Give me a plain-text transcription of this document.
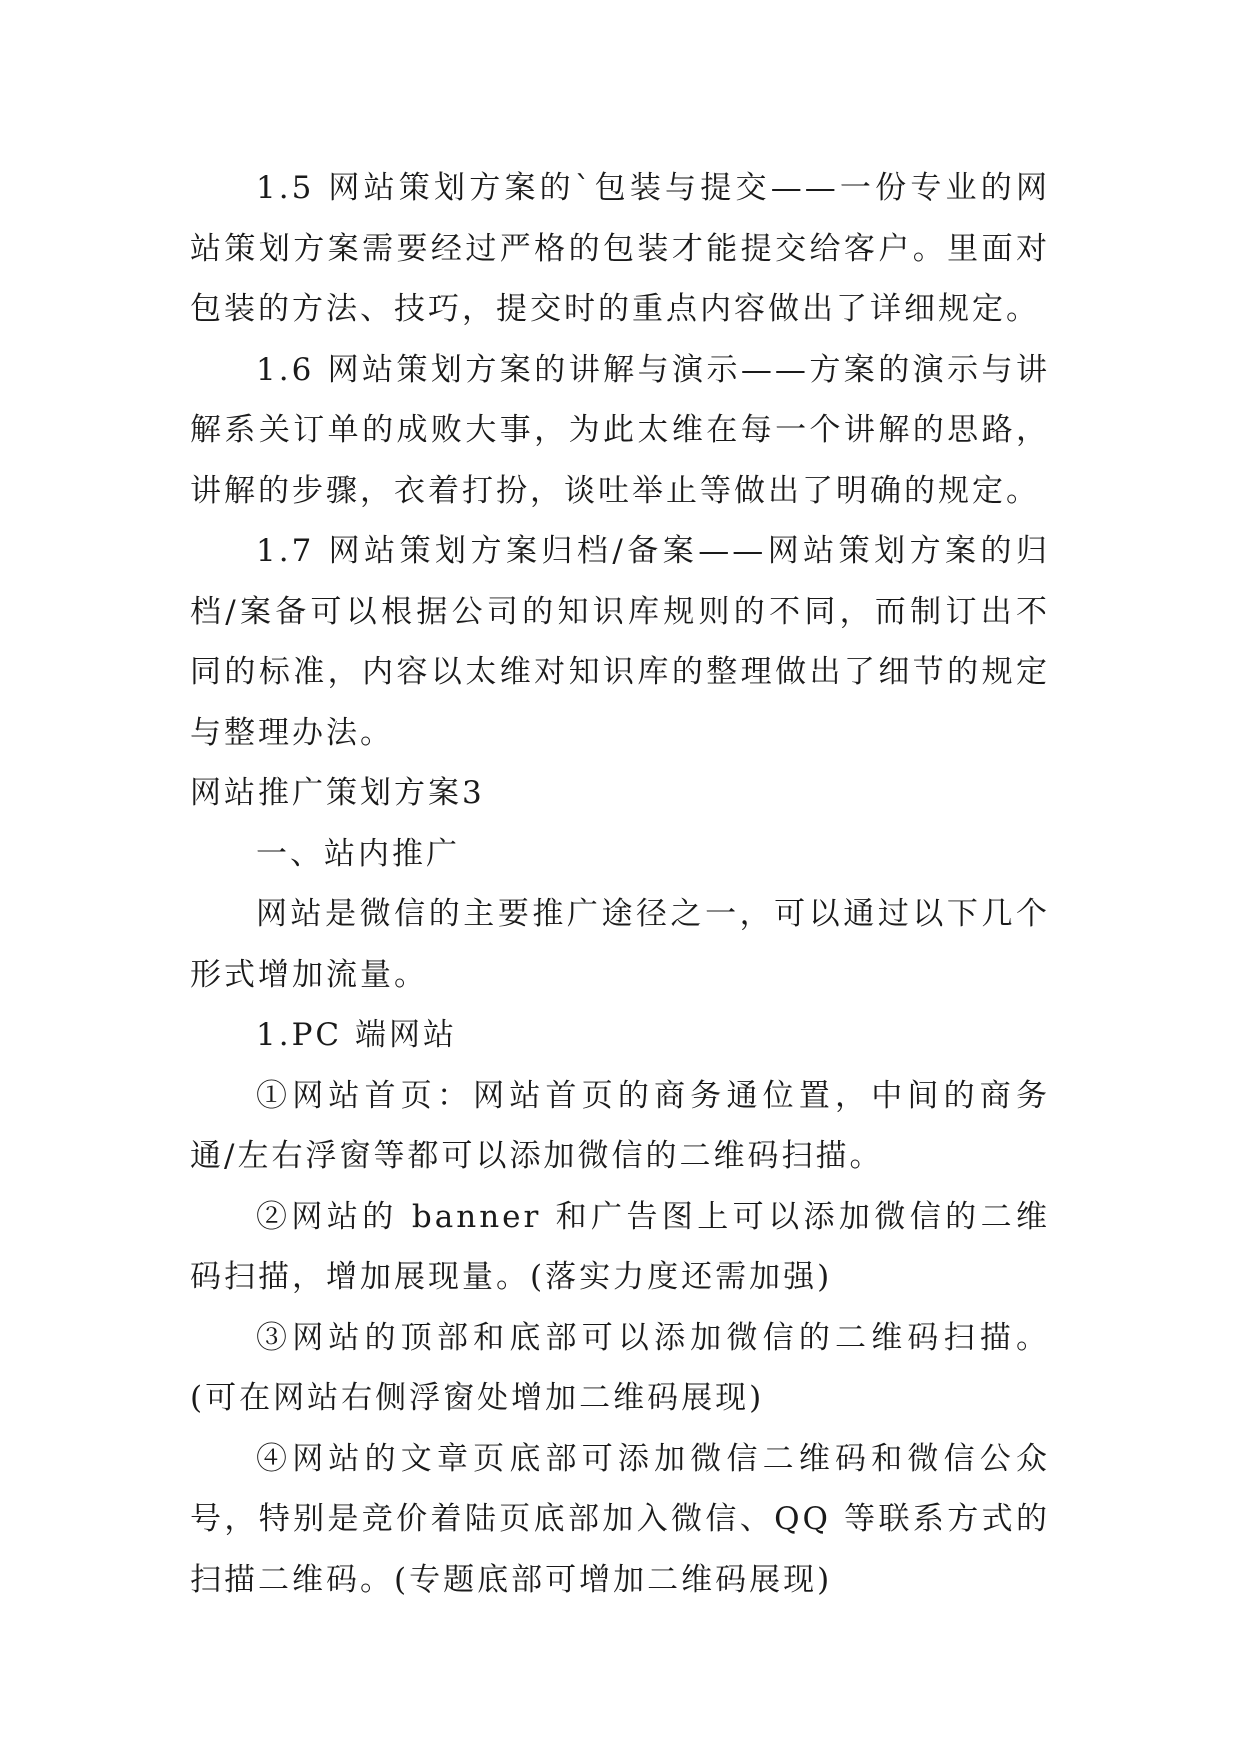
1.5 网站策划方案的`包装与提交——一份专业的网站策划方案需要经过严格的包装才能提交给客户。里面对包装的方法、技巧，提交时的重点内容做出了详细规定。

1.6 网站策划方案的讲解与演示——方案的演示与讲解系关订单的成败大事，为此太维在每一个讲解的思路，讲解的步骤，衣着打扮，谈吐举止等做出了明确的规定。

1.7 网站策划方案归档/备案——网站策划方案的归档/案备可以根据公司的知识库规则的不同，而制订出不同的标准，内容以太维对知识库的整理做出了细节的规定与整理办法。

网站推广策划方案3

一、站内推广

网站是微信的主要推广途径之一，可以通过以下几个形式增加流量。

1.PC 端网站

①网站首页：网站首页的商务通位置，中间的商务通/左右浮窗等都可以添加微信的二维码扫描。

②网站的 banner 和广告图上可以添加微信的二维码扫描，增加展现量。(落实力度还需加强)

③网站的顶部和底部可以添加微信的二维码扫描。(可在网站右侧浮窗处增加二维码展现)

④网站的文章页底部可添加微信二维码和微信公众号，特别是竞价着陆页底部加入微信、QQ 等联系方式的扫描二维码。(专题底部可增加二维码展现)
